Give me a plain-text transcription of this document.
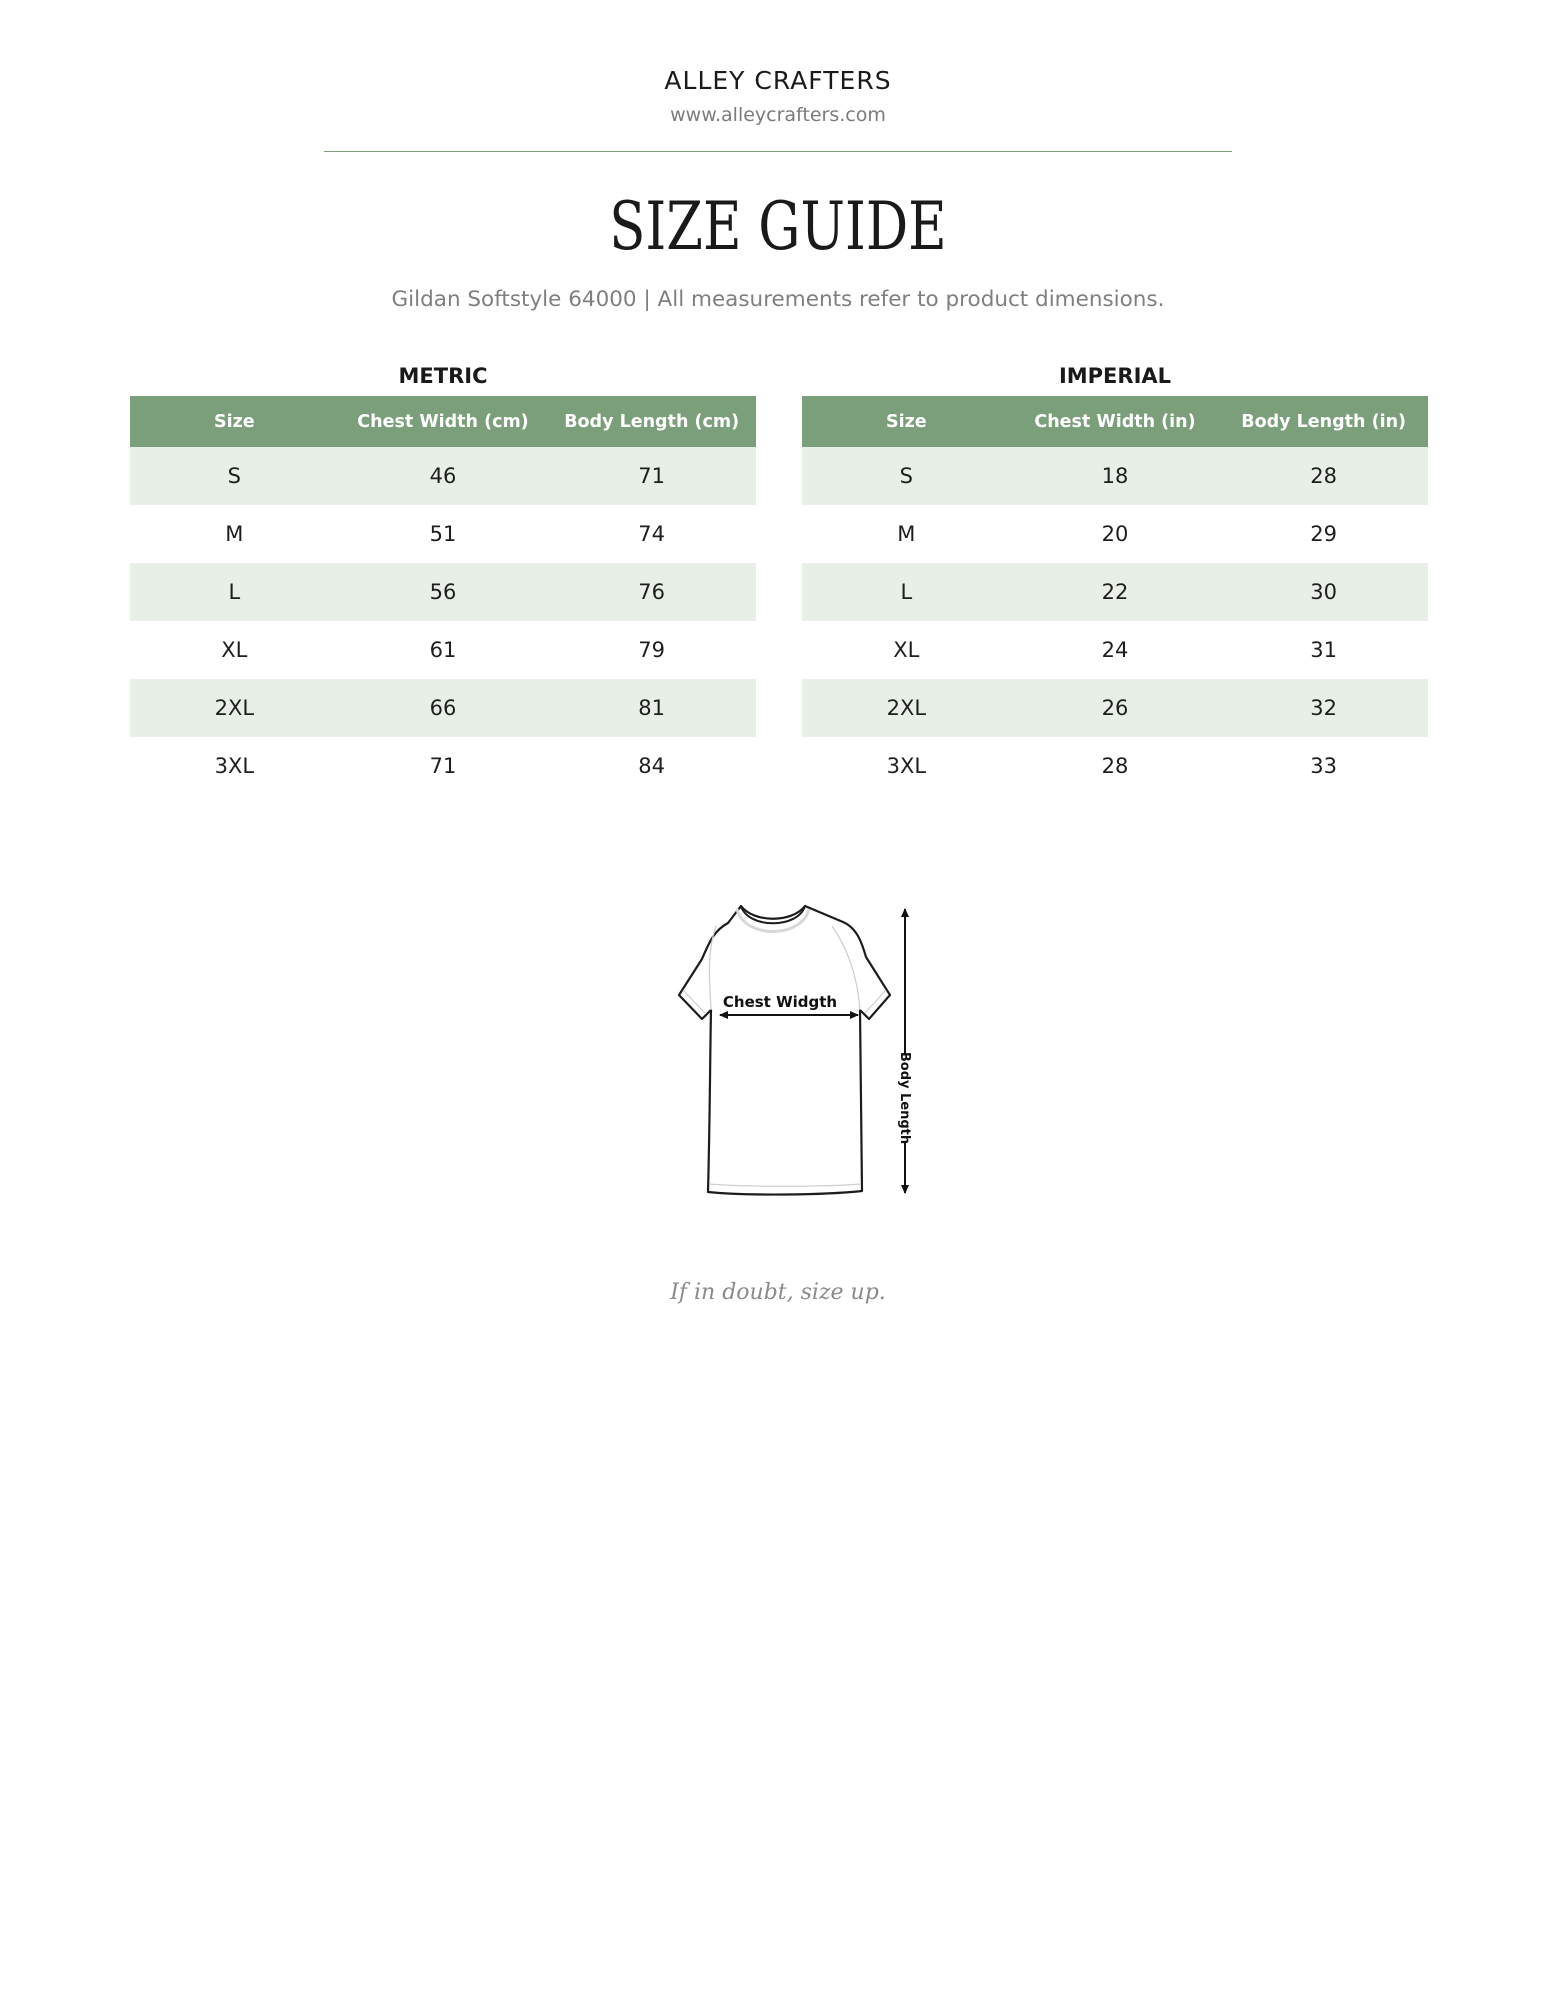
ALLEY CRAFTERS
www.alleycrafters.com
SIZE GUIDE
Gildan Softstyle 64000 | All measurements refer to product dimensions.
METRIC
Size	Chest Width (cm)	Body Length (cm)
S	46	71
M	51	74
L	56	76
XL	61	79
2XL	66	81
3XL	71	84
IMPERIAL
Size	Chest Width (in)	Body Length (in)
S	18	28
M	20	29
L	22	30
XL	24	31
2XL	26	32
3XL	28	33
Chest Widgth
Body Length
If in doubt, size up.
